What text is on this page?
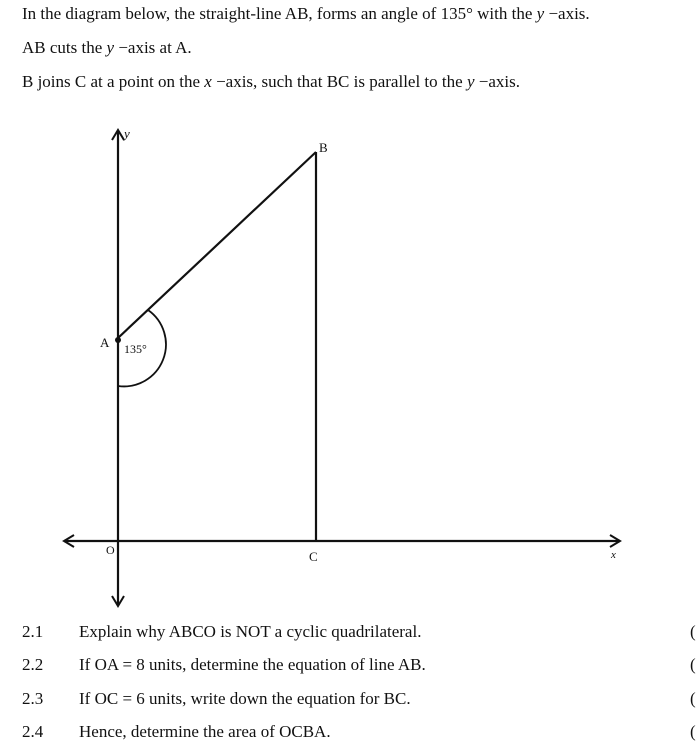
In the diagram below, the straight-line AB, forms an angle of 135° with the y −axis.
AB cuts the y −axis at A.
B joins C at a point on the x −axis, such that BC is parallel to the y −axis.
y
x
B
A
C
O
135°
2.1 Explain why ABCO is NOT a cyclic quadrilateral.	(
2.2 If OA = 8 units, determine the equation of line AB.	(
2.3 If OC = 6 units, write down the equation for BC.	(
2.4 Hence, determine the area of OCBA.	(
